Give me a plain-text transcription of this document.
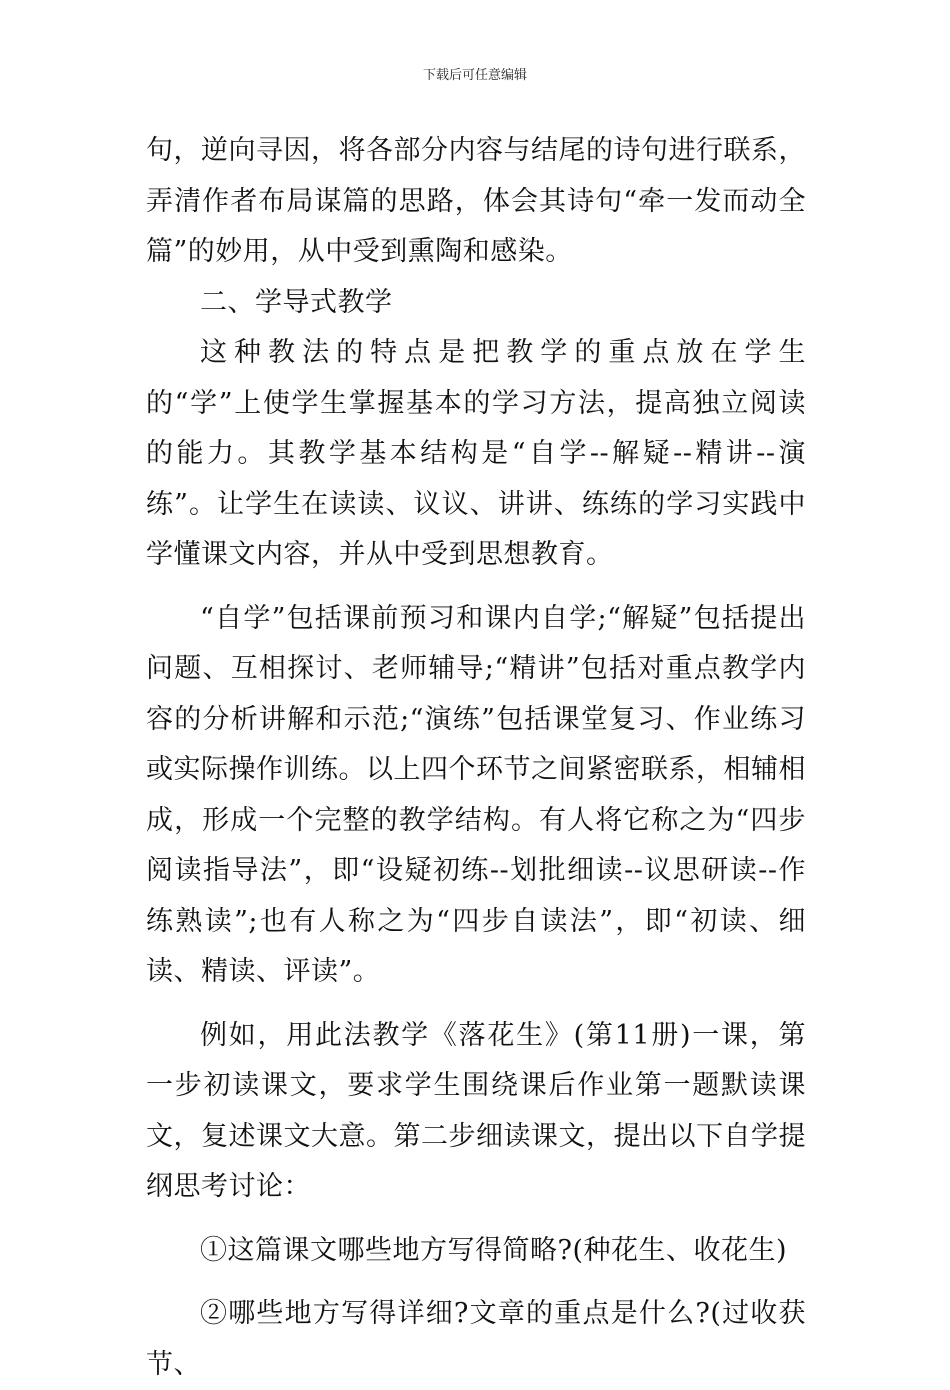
下载后可任意编辑

句，逆向寻因，将各部分内容与结尾的诗句进行联系，弄清作者布局谋篇的思路，体会其诗句“牵一发而动全篇”的妙用，从中受到熏陶和感染。

二、学导式教学

这种教法的特点是把教学的重点放在学生的“学”上使学生掌握基本的学习方法，提高独立阅读的能力。其教学基本结构是“自学--解疑--精讲--演练”。让学生在读读、议议、讲讲、练练的学习实践中学懂课文内容，并从中受到思想教育。

“自学”包括课前预习和课内自学;“解疑”包括提出问题、互相探讨、老师辅导;“精讲”包括对重点教学内容的分析讲解和示范;“演练”包括课堂复习、作业练习或实际操作训练。以上四个环节之间紧密联系，相辅相成，形成一个完整的教学结构。有人将它称之为“四步阅读指导法”，即“设疑初练--划批细读--议思研读--作练熟读”;也有人称之为“四步自读法”，即“初读、细读、精读、评读”。

例如，用此法教学《落花生》(第11册)一课，第一步初读课文，要求学生围绕课后作业第一题默读课文，复述课文大意。第二步细读课文，提出以下自学提纲思考讨论：

①这篇课文哪些地方写得简略?(种花生、收花生)

②哪些地方写得详细?文章的重点是什么?(过收获节、
